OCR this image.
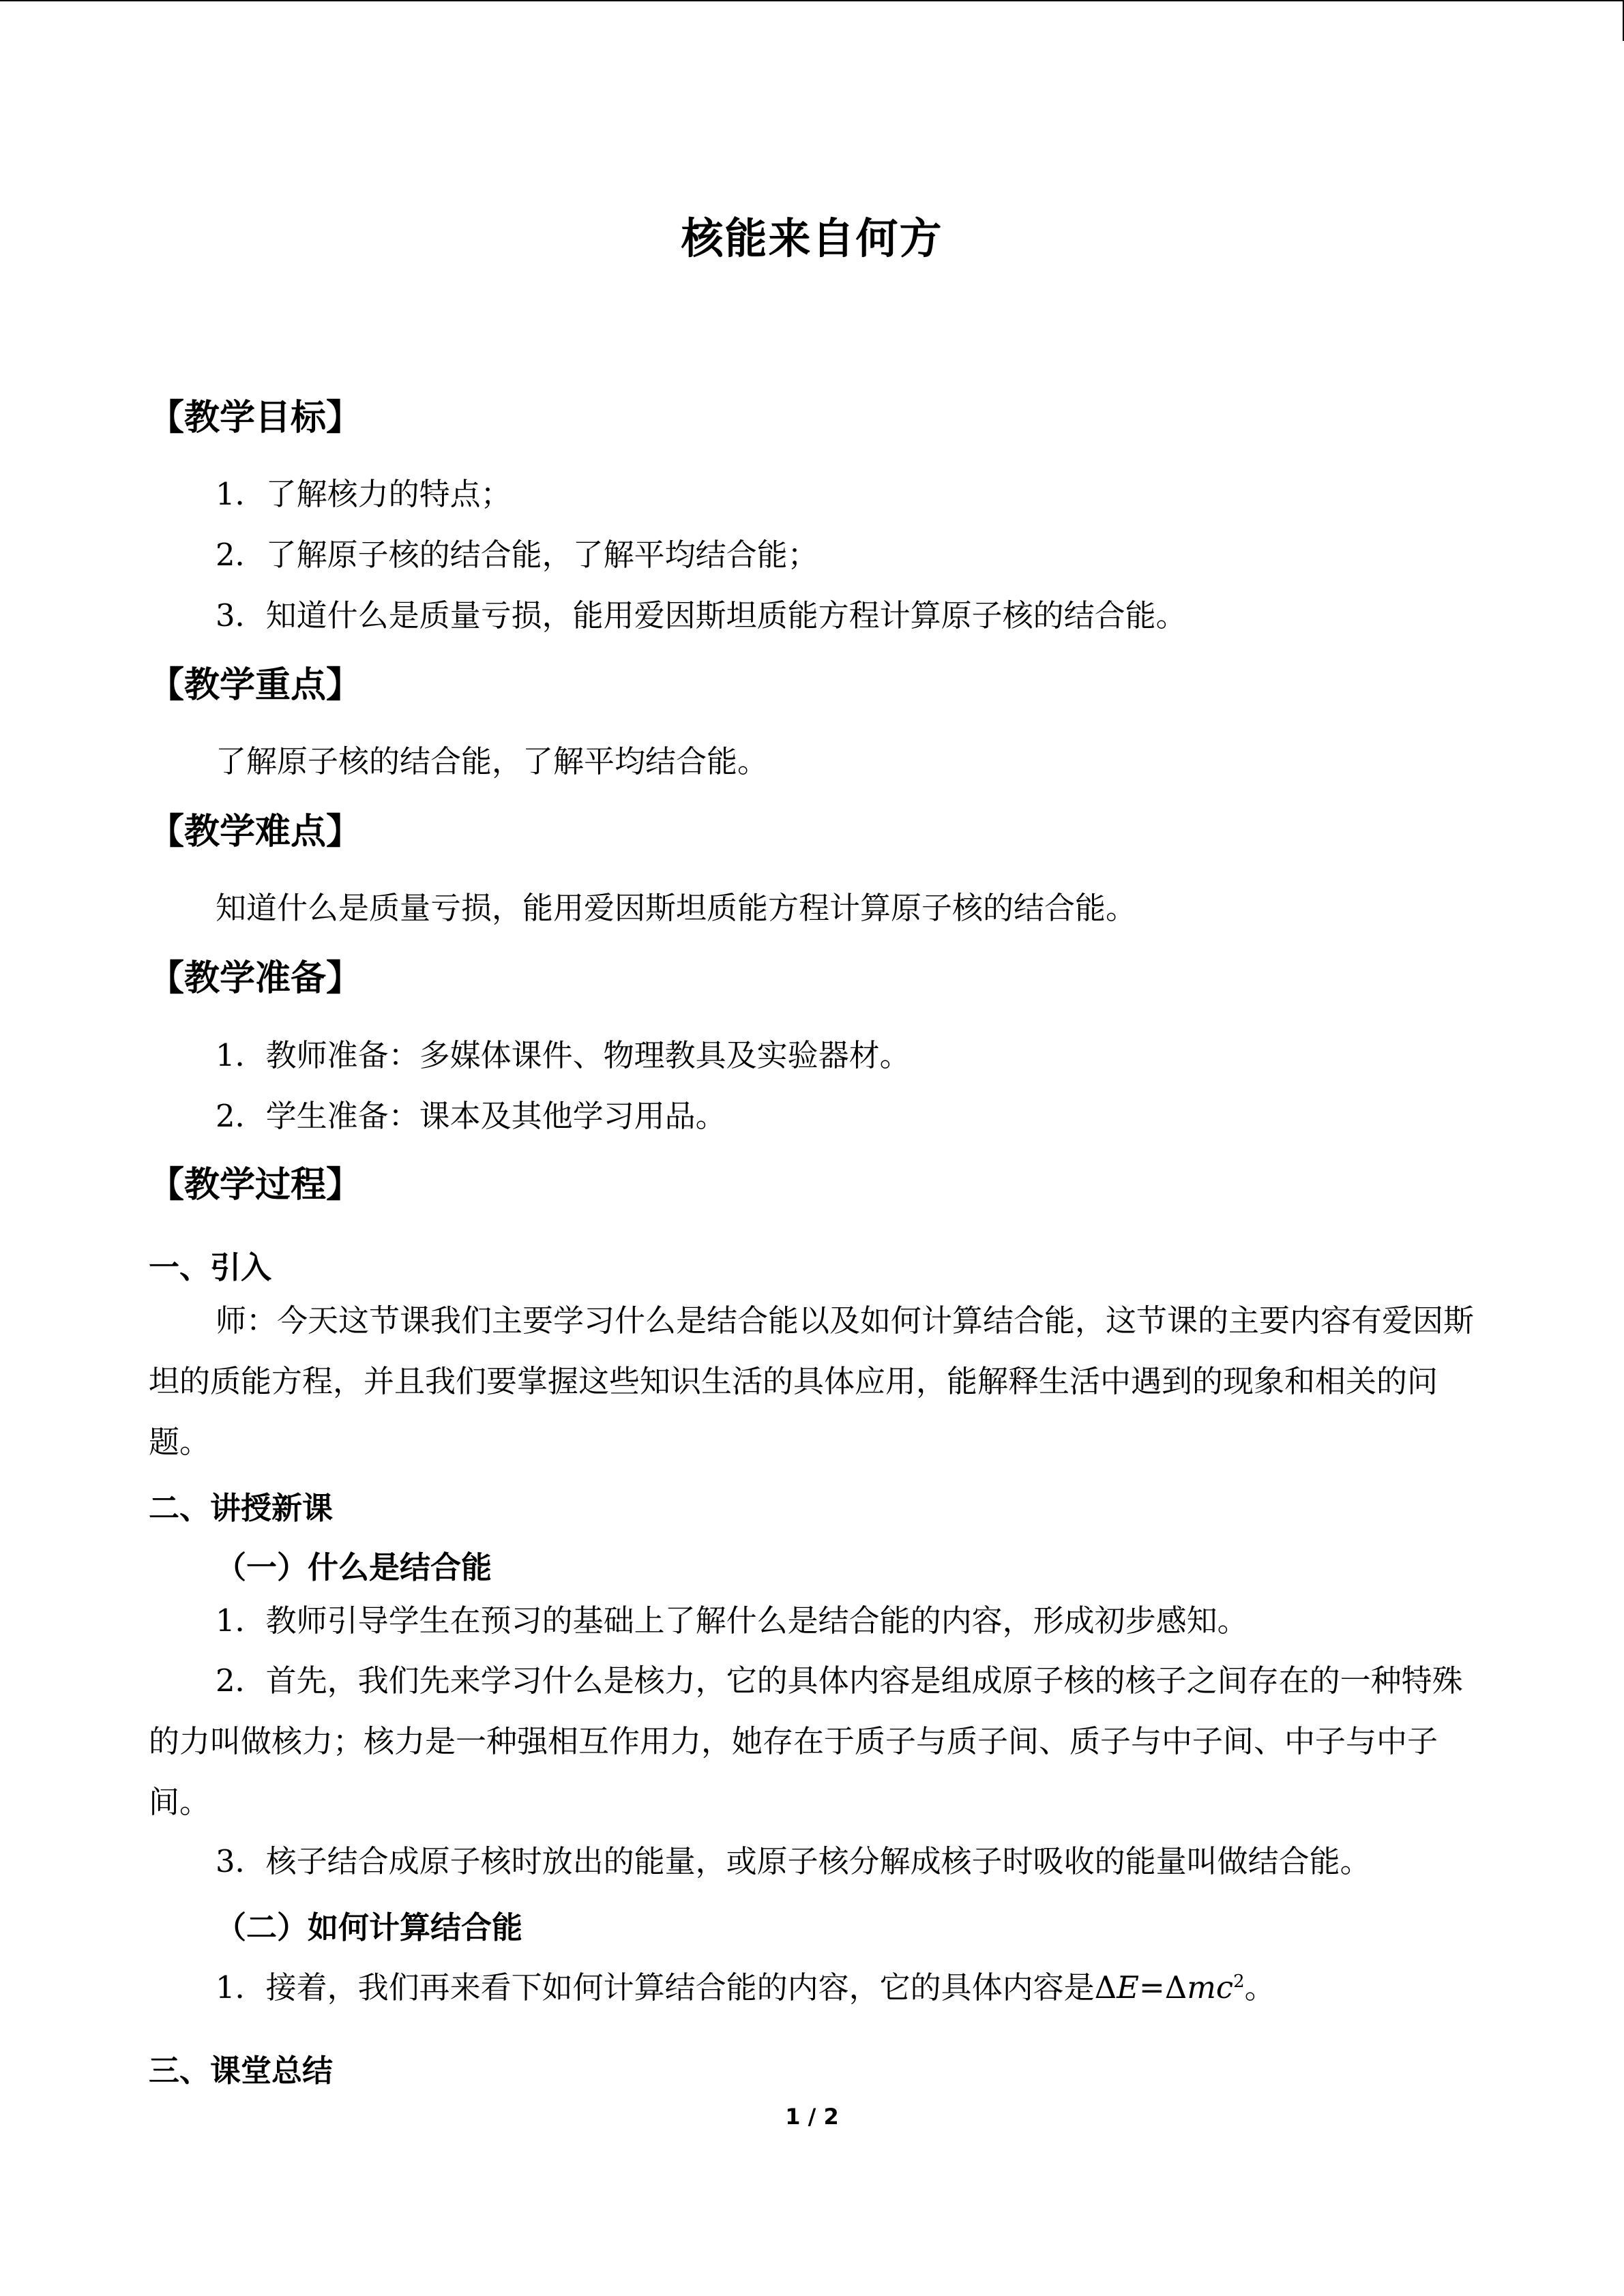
核能来自何方
【教学目标】
1．了解核力的特点；
2．了解原子核的结合能，了解平均结合能；
3．知道什么是质量亏损，能用爱因斯坦质能方程计算原子核的结合能。
【教学重点】
了解原子核的结合能，了解平均结合能。
【教学难点】
知道什么是质量亏损，能用爱因斯坦质能方程计算原子核的结合能。
【教学准备】
1．教师准备：多媒体课件、物理教具及实验器材。
2．学生准备：课本及其他学习用品。
【教学过程】
一、引入
师：今天这节课我们主要学习什么是结合能以及如何计算结合能，这节课的主要内容有爱因斯坦的质能方程，并且我们要掌握这些知识生活的具体应用，能解释生活中遇到的现象和相关的问题。
二、讲授新课
（一）什么是结合能
1．教师引导学生在预习的基础上了解什么是结合能的内容，形成初步感知。
2．首先，我们先来学习什么是核力，它的具体内容是组成原子核的核子之间存在的一种特殊的力叫做核力；核力是一种强相互作用力，她存在于质子与质子间、质子与中子间、中子与中子间。
3．核子结合成原子核时放出的能量，或原子核分解成核子时吸收的能量叫做结合能。
（二）如何计算结合能
1．接着，我们再来看下如何计算结合能的内容，它的具体内容是ΔE=Δmc$^2$。
三、课堂总结
1 / 2
